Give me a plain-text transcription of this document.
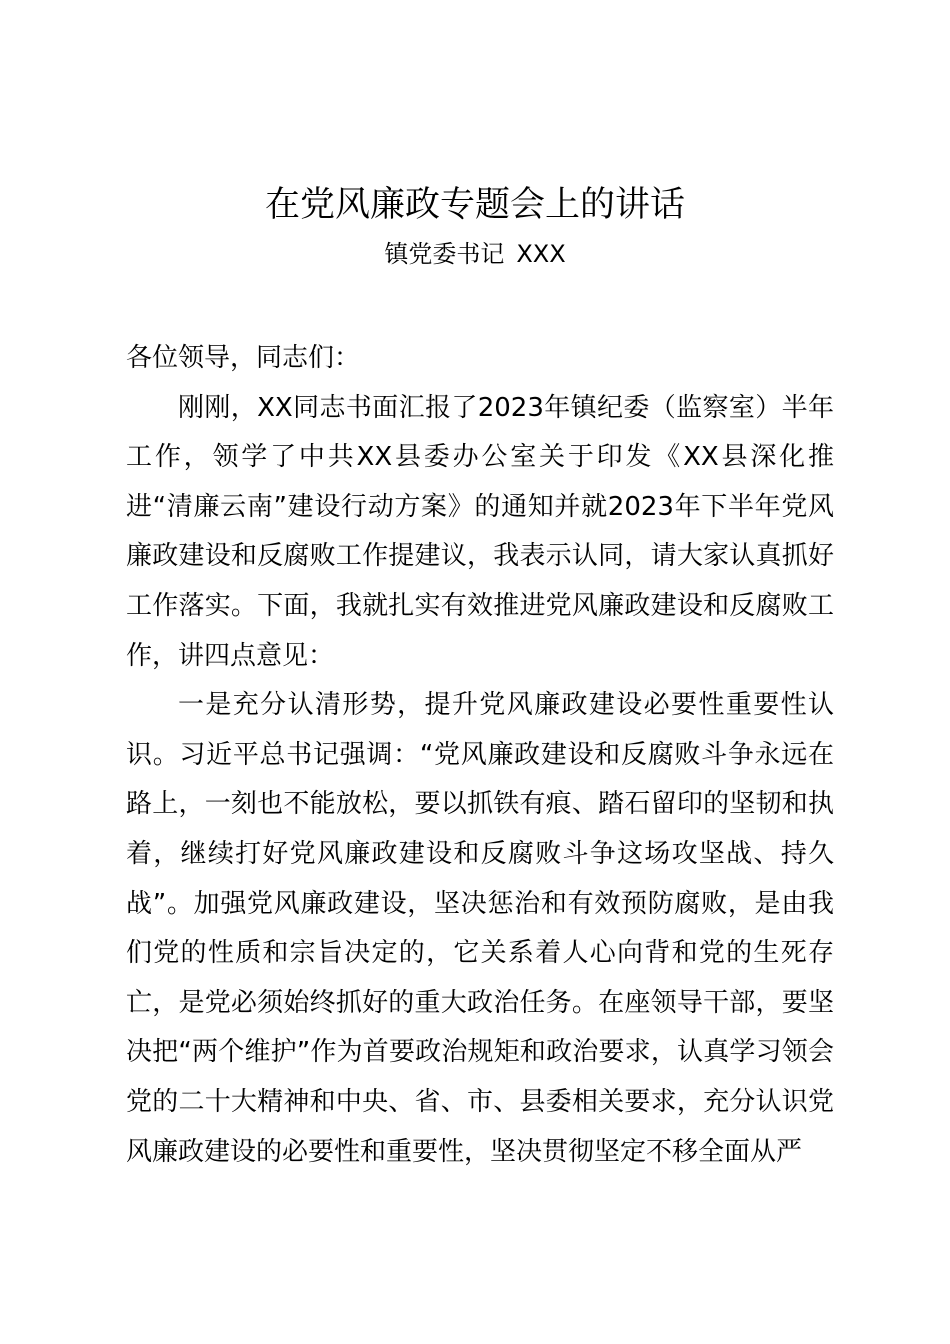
在党风廉政专题会上的讲话
镇党委书记 XXX

各位领导，同志们：

刚刚，XX同志书面汇报了2023年镇纪委（监察室）半年工作，领学了中共XX县委办公室关于印发《XX县深化推进“清廉云南”建设行动方案》的通知并就2023年下半年党风廉政建设和反腐败工作提建议，我表示认同，请大家认真抓好工作落实。下面，我就扎实有效推进党风廉政建设和反腐败工作，讲四点意见：

一是充分认清形势，提升党风廉政建设必要性重要性认识。习近平总书记强调：“党风廉政建设和反腐败斗争永远在路上，一刻也不能放松，要以抓铁有痕、踏石留印的坚韧和执着，继续打好党风廉政建设和反腐败斗争这场攻坚战、持久战”。加强党风廉政建设，坚决惩治和有效预防腐败，是由我们党的性质和宗旨决定的，它关系着人心向背和党的生死存亡，是党必须始终抓好的重大政治任务。在座领导干部，要坚决把“两个维护”作为首要政治规矩和政治要求，认真学习领会党的二十大精神和中央、省、市、县委相关要求，充分认识党风廉政建设的必要性和重要性，坚决贯彻坚定不移全面从严
